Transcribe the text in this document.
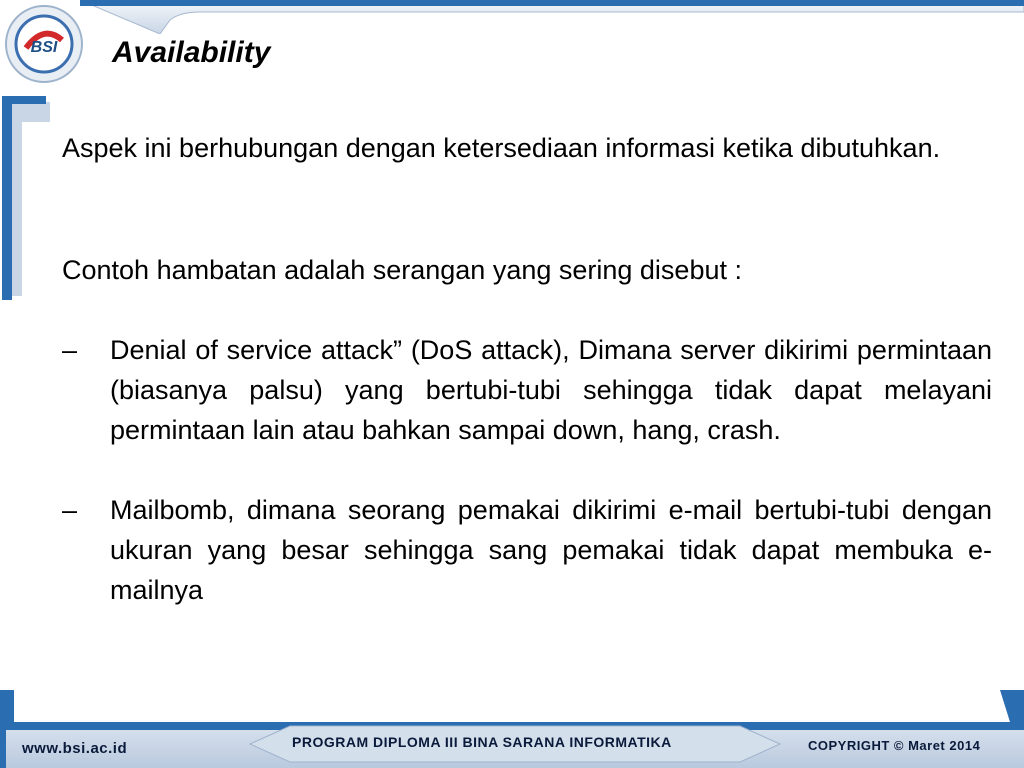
BSI Availability

Aspek ini berhubungan dengan ketersediaan informasi ketika dibutuhkan.

Contoh hambatan adalah serangan yang sering disebut :

–	Denial of service attack” (DoS attack), Dimana server dikirimi permintaan (biasanya palsu) yang bertubi-tubi sehingga tidak dapat melayani permintaan lain atau bahkan sampai down, hang, crash.
–	Mailbomb, dimana seorang pemakai dikirimi e-mail bertubi-tubi dengan ukuran yang besar sehingga sang pemakai tidak dapat membuka e-mailnya
www.bsi.ac.id	PROGRAM DIPLOMA III BINA SARANA INFORMATIKA	COPYRIGHT © Maret 2014
